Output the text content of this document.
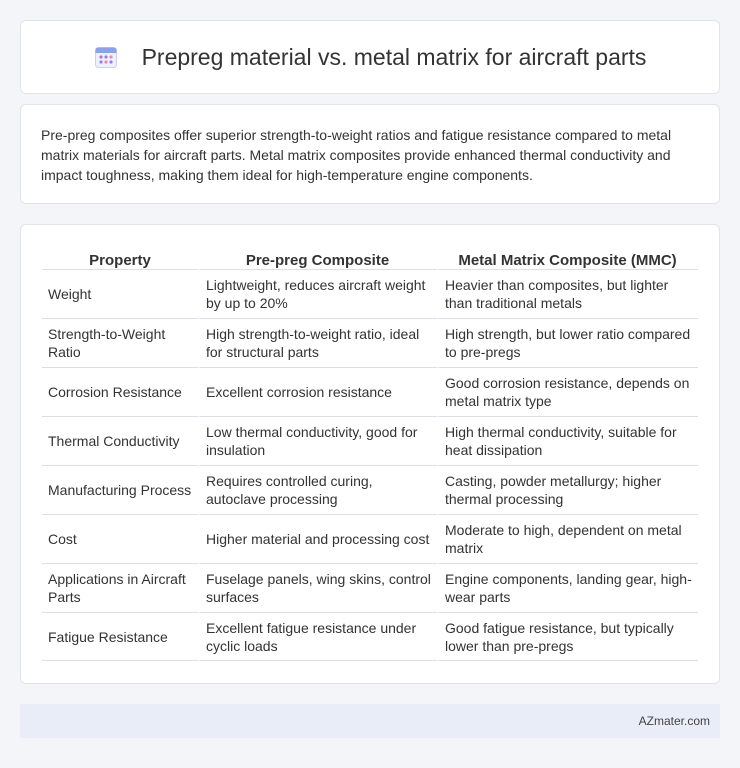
Prepreg material vs. metal matrix for aircraft parts

Pre-preg composites offer superior strength-to-weight ratios and fatigue resistance compared to metal matrix materials for aircraft parts. Metal matrix composites provide enhanced thermal conductivity and impact toughness, making them ideal for high-temperature engine components.

Property	Pre-preg Composite	Metal Matrix Composite (MMC)
Weight	Lightweight, reduces aircraft weight by up to 20%	Heavier than composites, but lighter than traditional metals
Strength-to-Weight Ratio	High strength-to-weight ratio, ideal for structural parts	High strength, but lower ratio compared to pre-pregs
Corrosion Resistance	Excellent corrosion resistance	Good corrosion resistance, depends on metal matrix type
Thermal Conductivity	Low thermal conductivity, good for insulation	High thermal conductivity, suitable for heat dissipation
Manufacturing Process	Requires controlled curing, autoclave processing	Casting, powder metallurgy; higher thermal processing
Cost	Higher material and processing cost	Moderate to high, dependent on metal matrix
Applications in Aircraft Parts	Fuselage panels, wing skins, control surfaces	Engine components, landing gear, high-wear parts
Fatigue Resistance	Excellent fatigue resistance under cyclic loads	Good fatigue resistance, but typically lower than pre-pregs
AZmater.com
